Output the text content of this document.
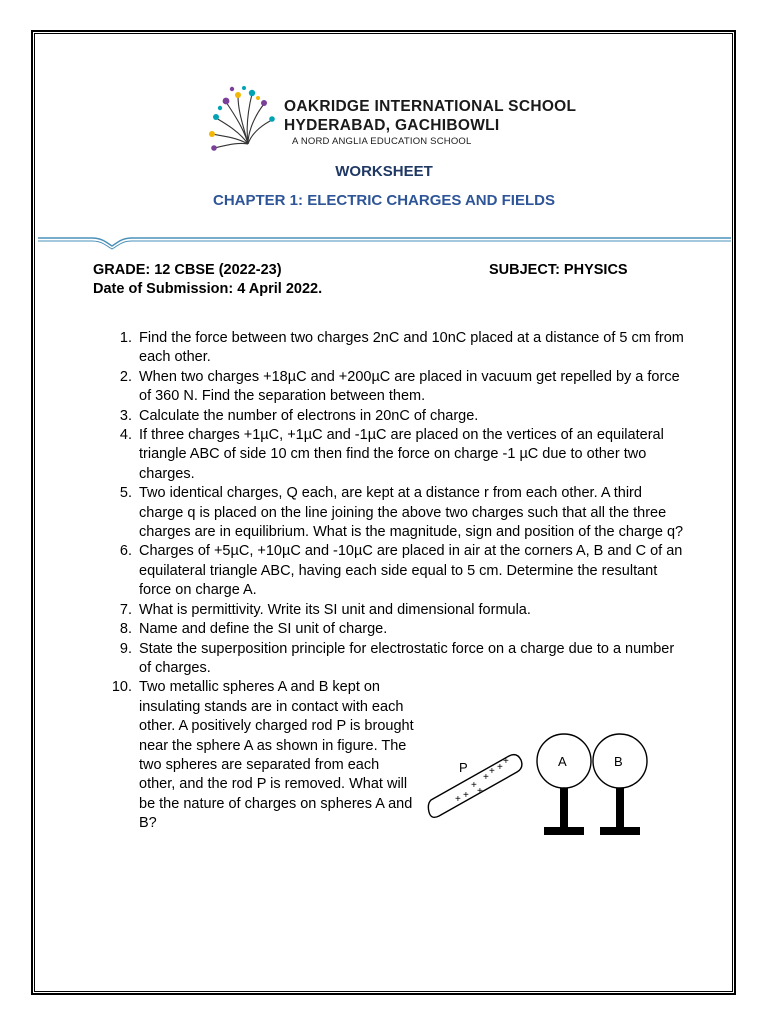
OAKRIDGE INTERNATIONAL SCHOOL
HYDERABAD, GACHIBOWLI
A NORD ANGLIA EDUCATION SCHOOL
WORKSHEET
CHAPTER 1: ELECTRIC CHARGES AND FIELDS
GRADE: 12 CBSE (2022-23)	SUBJECT: PHYSICS
Date of Submission: 4 April 2022.
1. Find the force between two charges 2nC and 10nC placed at a distance of 5 cm from each other.
2. When two charges +18µC and +200µC are placed in vacuum get repelled by a force of 360 N. Find the separation between them.
3. Calculate the number of electrons in 20nC of charge.
4. If three charges +1µC, +1µC and -1µC are placed on the vertices of an equilateral triangle ABC of side 10 cm then find the force on charge -1 µC due to other two charges.
5. Two identical charges, Q each, are kept at a distance r from each other. A third charge q is placed on the line joining the above two charges such that all the three charges are in equilibrium. What is the magnitude, sign and position of the charge q?
6. Charges of +5µC, +10µC and -10µC are placed in air at the corners A, B and C of an equilateral triangle ABC, having each side equal to 5 cm. Determine the resultant force on charge A.
7. What is permittivity. Write its SI unit and dimensional formula.
8. Name and define the SI unit of charge.
9. State the superposition principle for electrostatic force on a charge due to a number of charges.
10. Two metallic spheres A and B kept on insulating stands are in contact with each other. A positively charged rod P is brought near the sphere A as shown in figure. The two spheres are separated from each other, and the rod P is removed. What will be the nature of charges on spheres A and B?
P
+
+ +
+
+
+
+
+
A	B
